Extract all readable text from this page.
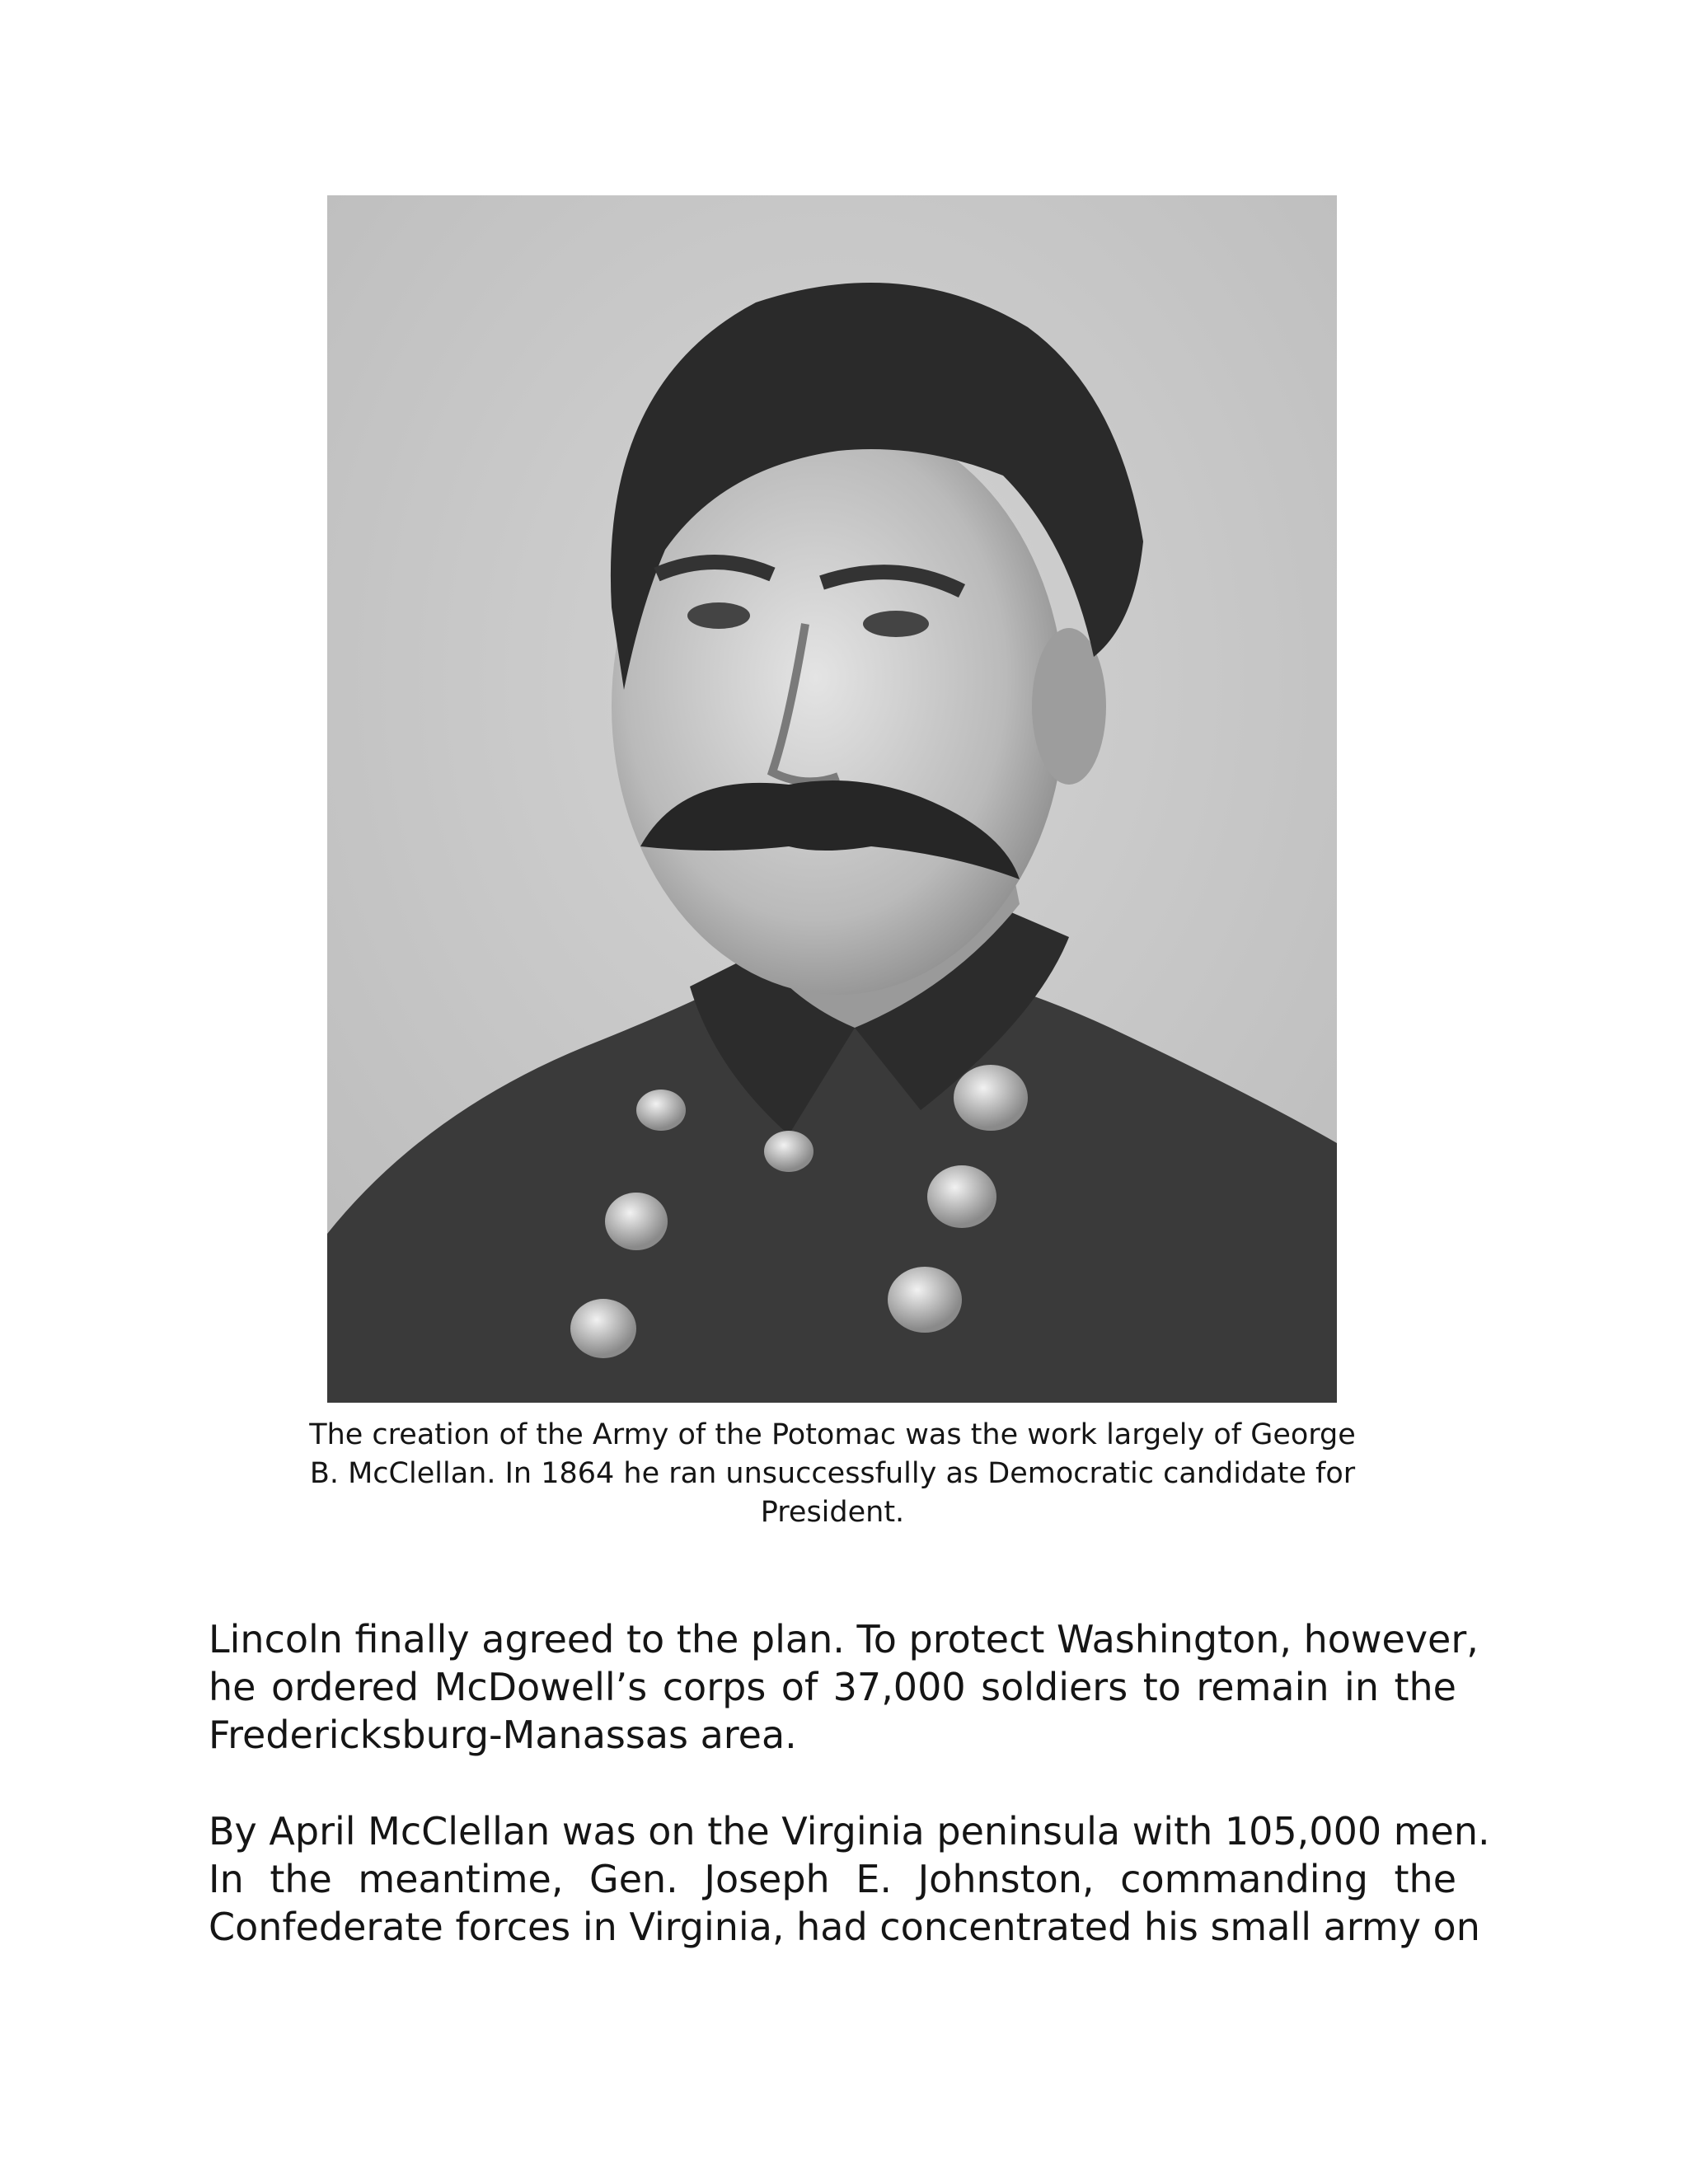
The creation of the Army of the Potomac was the work largely of George
B. McClellan. In 1864 he ran unsuccessfully as Democratic candidate for
President.
Lincoln finally agreed to the plan. To protect Washington, however,
he ordered McDowell’s corps of 37,000 soldiers to remain in the
Fredericksburg-Manassas area.
By April McClellan was on the Virginia peninsula with 105,000 men.
In the meantime, Gen. Joseph E. Johnston, commanding the
Confederate forces in Virginia, had concentrated his small army on
